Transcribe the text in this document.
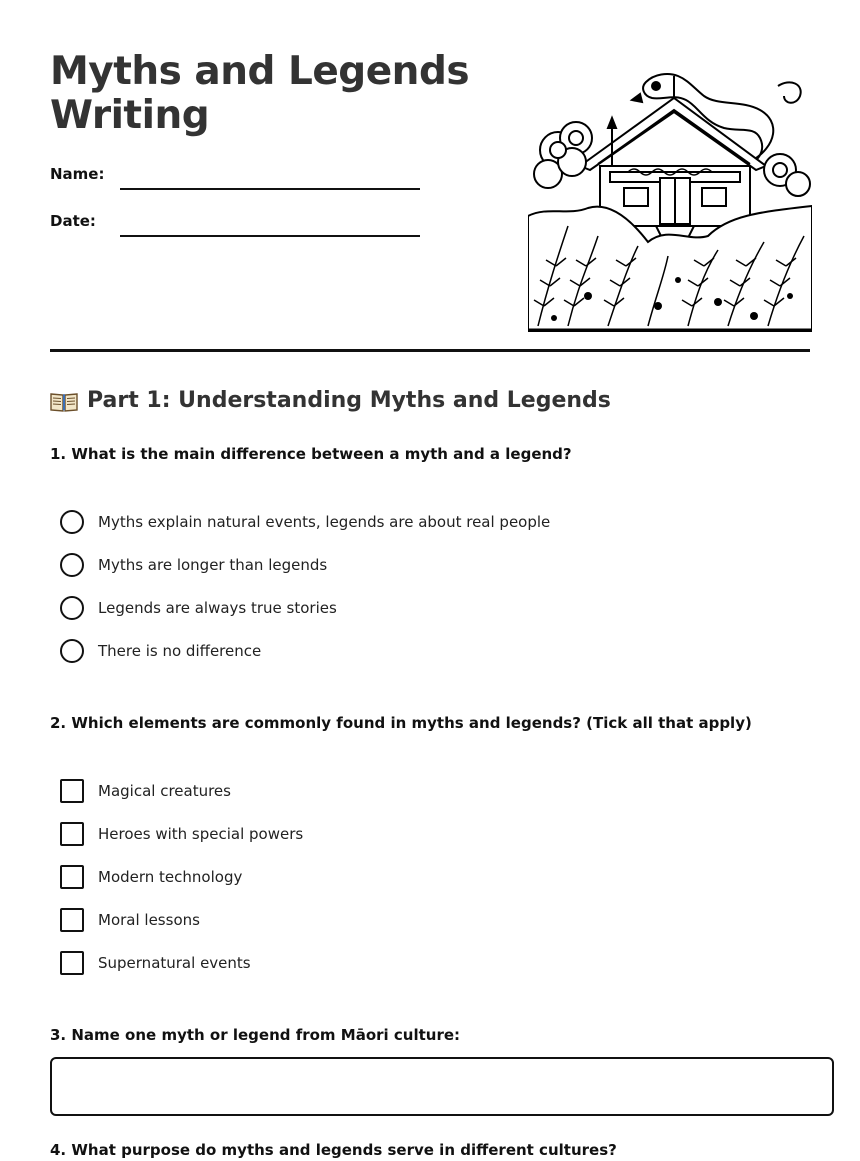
Myths and Legends
Writing
Name:
Date:
Part 1: Understanding Myths and Legends

1. What is the main difference between a myth and a legend?

Myths explain natural events, legends are about real people
Myths are longer than legends
Legends are always true stories
There is no difference

2. Which elements are commonly found in myths and legends? (Tick all that apply)

Magical creatures
Heroes with special powers
Modern technology
Moral lessons
Supernatural events

3. Name one myth or legend from Māori culture:

4. What purpose do myths and legends serve in different cultures?
